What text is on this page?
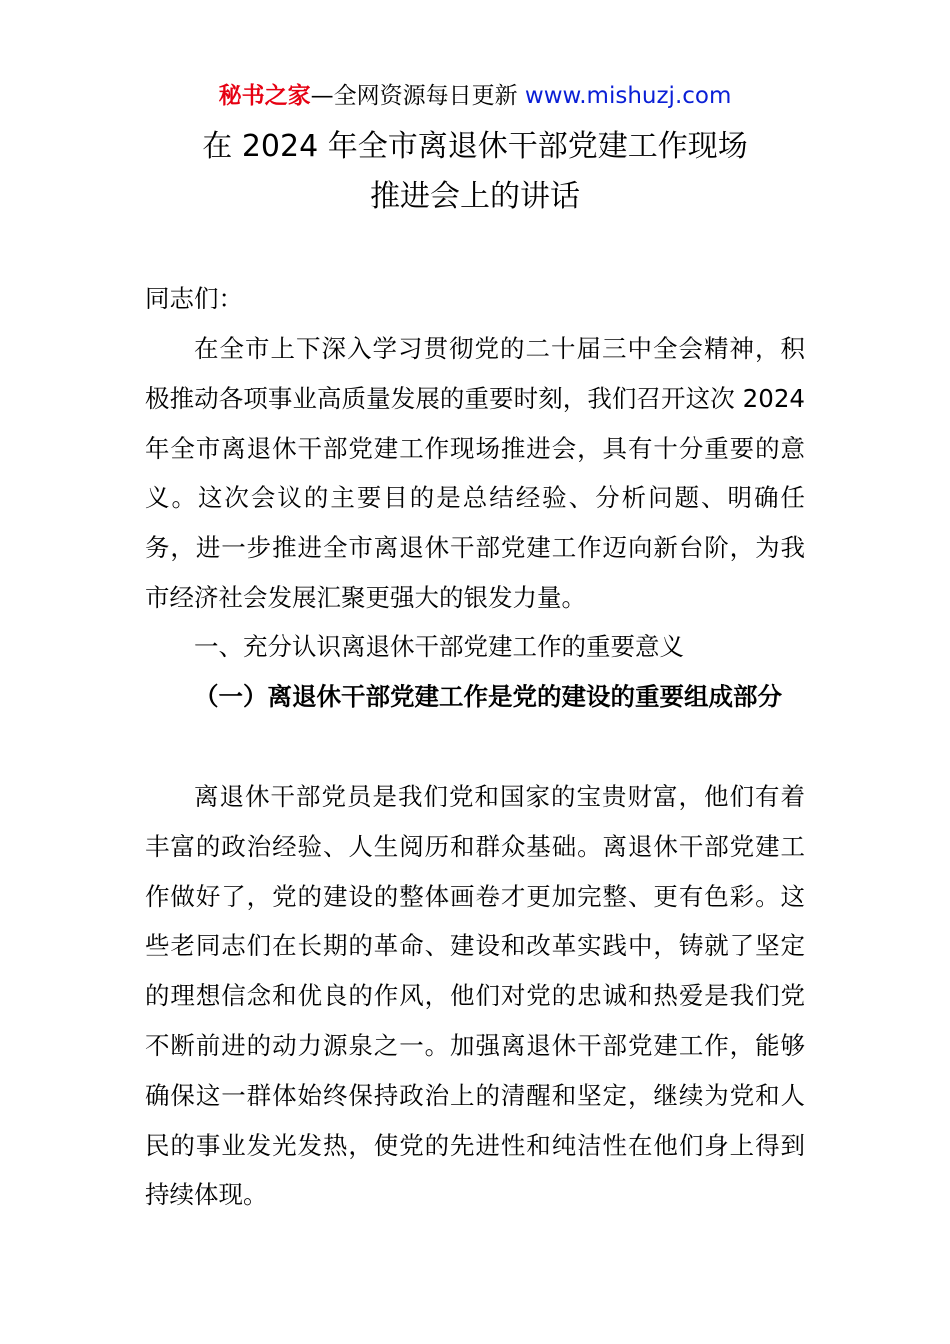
秘书之家—全网资源每日更新 www.mishuzj.com
在 2024 年全市离退休干部党建工作现场
推进会上的讲话
同志们：
在全市上下深入学习贯彻党的二十届三中全会精神，积极推动各项事业高质量发展的重要时刻，我们召开这次 2024 年全市离退休干部党建工作现场推进会，具有十分重要的意义。这次会议的主要目的是总结经验、分析问题、明确任务，进一步推进全市离退休干部党建工作迈向新台阶，为我市经济社会发展汇聚更强大的银发力量。
一、充分认识离退休干部党建工作的重要意义
（一）离退休干部党建工作是党的建设的重要组成部分
离退休干部党员是我们党和国家的宝贵财富，他们有着丰富的政治经验、人生阅历和群众基础。离退休干部党建工作做好了，党的建设的整体画卷才更加完整、更有色彩。这些老同志们在长期的革命、建设和改革实践中，铸就了坚定的理想信念和优良的作风，他们对党的忠诚和热爱是我们党不断前进的动力源泉之一。加强离退休干部党建工作，能够确保这一群体始终保持政治上的清醒和坚定，继续为党和人民的事业发光发热，使党的先进性和纯洁性在他们身上得到持续体现。
